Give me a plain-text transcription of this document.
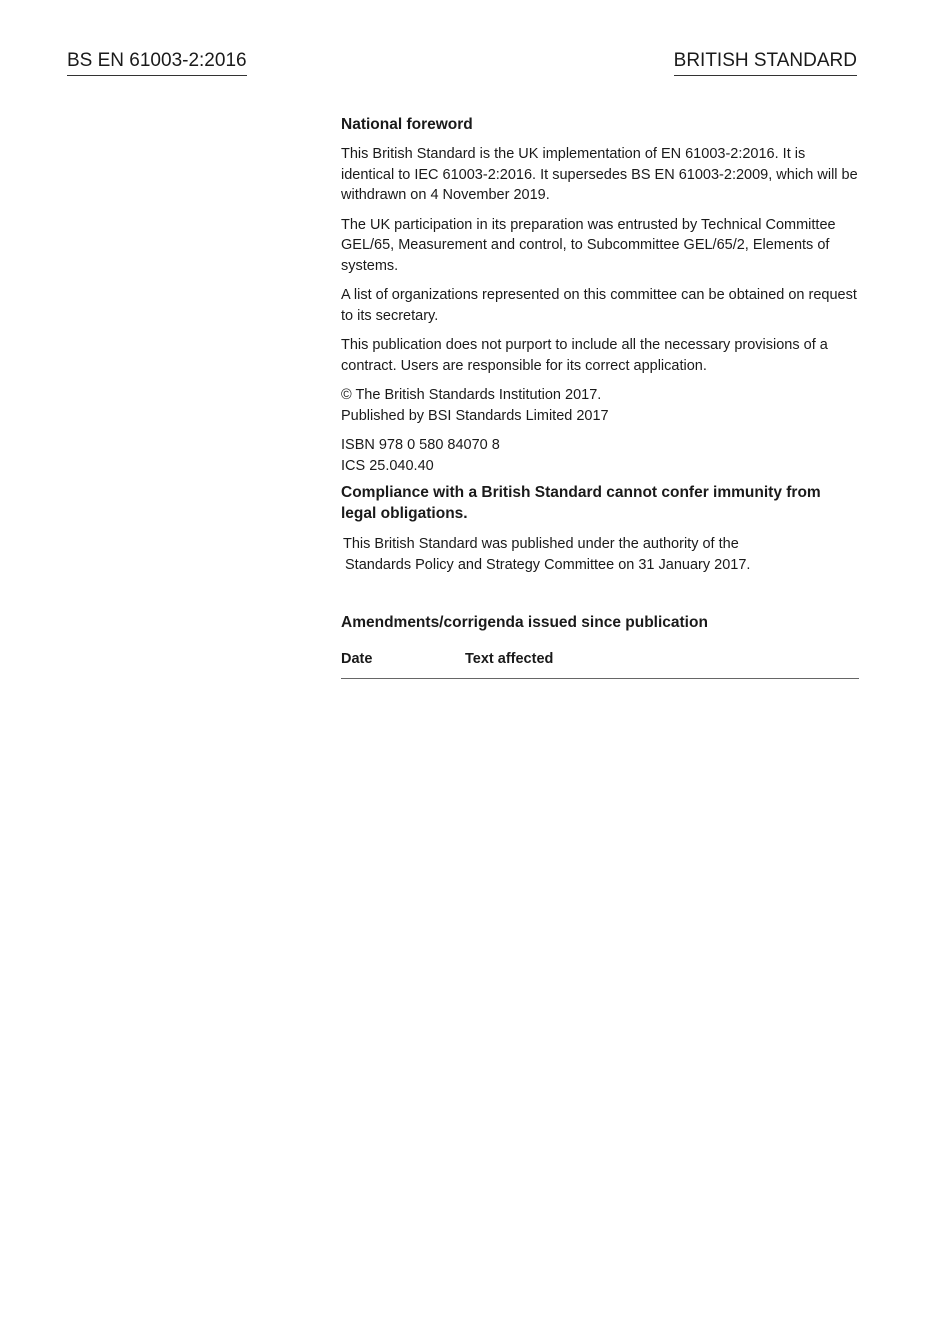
BS EN 61003-2:2016	BRITISH STANDARD
National foreword

This British Standard is the UK implementation of EN 61003-2:2016. It is identical to IEC 61003-2:2016. It supersedes BS EN 61003-2:2009, which will be withdrawn on 4 November 2019.

The UK participation in its preparation was entrusted by Technical Committee GEL/65, Measurement and control, to Subcommittee GEL/65/2, Elements of systems.

A list of organizations represented on this committee can be obtained on request to its secretary.

This publication does not purport to include all the necessary provisions of a contract. Users are responsible for its correct application.

© The British Standards Institution 2017.
Published by BSI Standards Limited 2017

ISBN 978 0 580 84070 8
ICS 25.040.40

Compliance with a British Standard cannot confer immunity from legal obligations.

This British Standard was published under the authority of the
Standards Policy and Strategy Committee on 31 January 2017.

Amendments/corrigenda issued since publication
Date	Text affected
